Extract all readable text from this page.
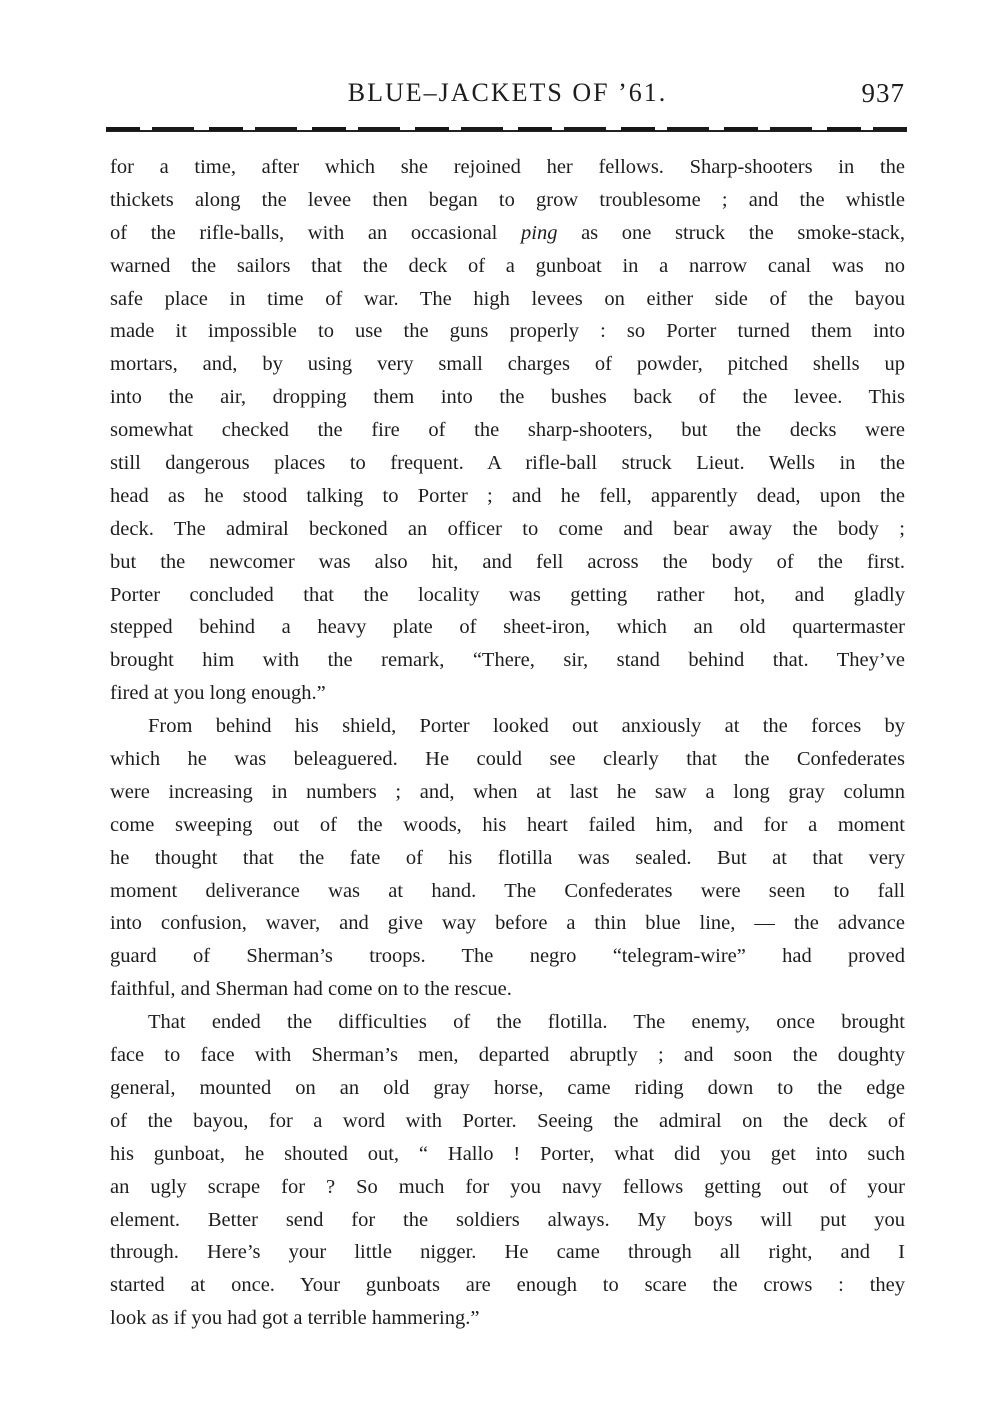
BLUE–JACKETS OF ’61.	937
for a time, after which she rejoined her fellows. Sharp-shooters in the
thickets along the levee then began to grow troublesome ; and the whistle
of the rifle-balls, with an occasional ping as one struck the smoke-stack,
warned the sailors that the deck of a gunboat in a narrow canal was no
safe place in time of war. The high levees on either side of the bayou
made it impossible to use the guns properly : so Porter turned them into
mortars, and, by using very small charges of powder, pitched shells up
into the air, dropping them into the bushes back of the levee. This
somewhat checked the fire of the sharp-shooters, but the decks were
still dangerous places to frequent. A rifle-ball struck Lieut. Wells in the
head as he stood talking to Porter ; and he fell, apparently dead, upon the
deck. The admiral beckoned an officer to come and bear away the body ;
but the newcomer was also hit, and fell across the body of the first.
Porter concluded that the locality was getting rather hot, and gladly
stepped behind a heavy plate of sheet-iron, which an old quartermaster
brought him with the remark, “There, sir, stand behind that. They’ve
fired at you long enough.”
From behind his shield, Porter looked out anxiously at the forces by
which he was beleaguered. He could see clearly that the Confederates
were increasing in numbers ; and, when at last he saw a long gray column
come sweeping out of the woods, his heart failed him, and for a moment
he thought that the fate of his flotilla was sealed. But at that very
moment deliverance was at hand. The Confederates were seen to fall
into confusion, waver, and give way before a thin blue line, — the advance
guard of Sherman’s troops. The negro “telegram-wire” had proved
faithful, and Sherman had come on to the rescue.
That ended the difficulties of the flotilla. The enemy, once brought
face to face with Sherman’s men, departed abruptly ; and soon the doughty
general, mounted on an old gray horse, came riding down to the edge
of the bayou, for a word with Porter. Seeing the admiral on the deck of
his gunboat, he shouted out, “ Hallo ! Porter, what did you get into such
an ugly scrape for ? So much for you navy fellows getting out of your
element. Better send for the soldiers always. My boys will put you
through. Here’s your little nigger. He came through all right, and I
started at once. Your gunboats are enough to scare the crows : they
look as if you had got a terrible hammering.”
